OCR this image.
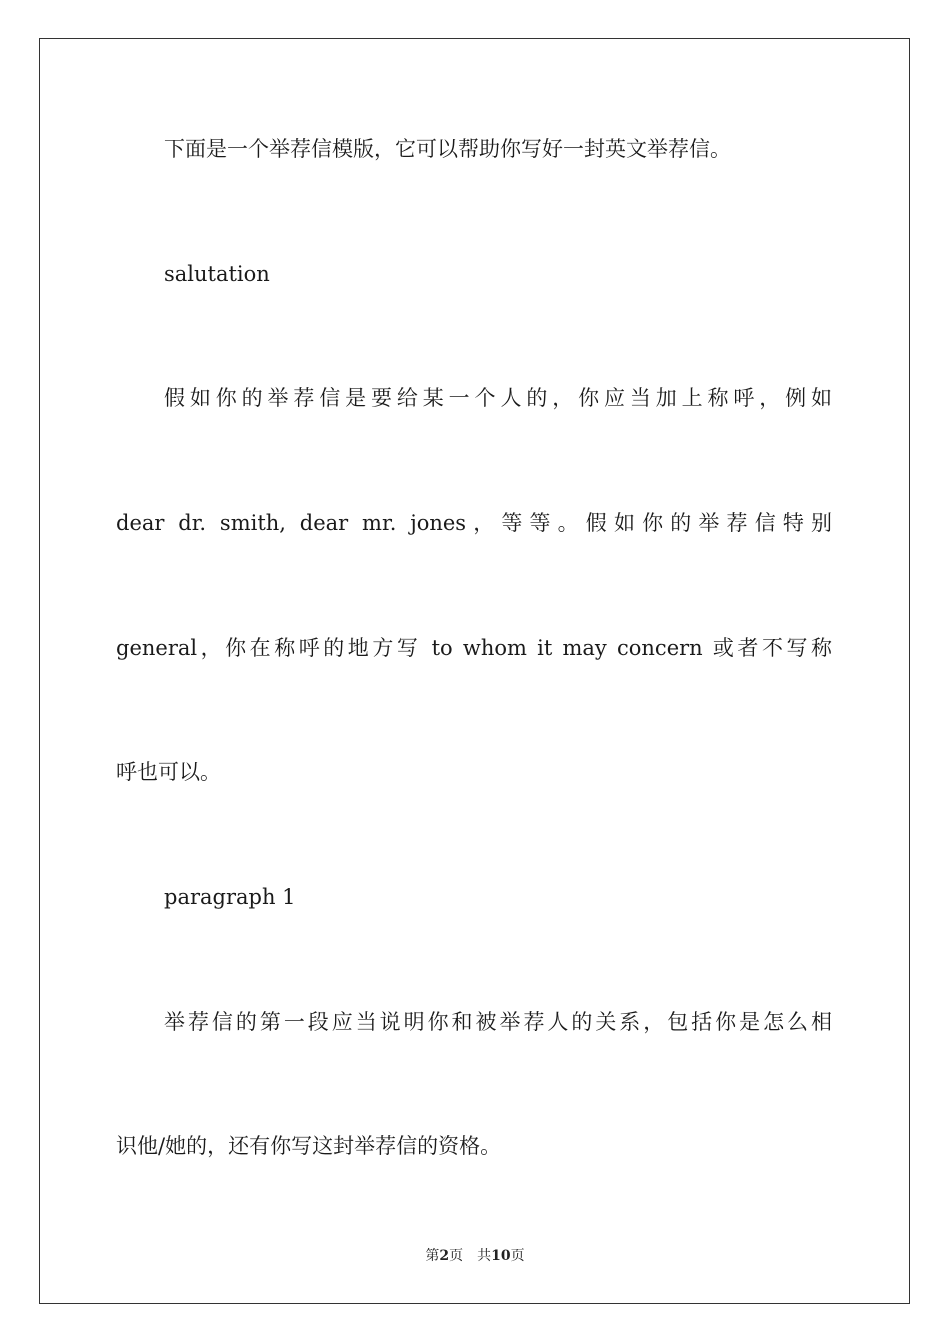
下面是一个举荐信模版，它可以帮助你写好一封英文举荐信。
salutation
假如你的举荐信是要给某一个人的，你应当加上称呼，例如
dear dr. smith, dear mr. jones，等等。假如你的举荐信特别
general，你在称呼的地方写 to whom it may concern 或者不写称
呼也可以。
paragraph 1
举荐信的第一段应当说明你和被举荐人的关系，包括你是怎么相
识他/她的，还有你写这封举荐信的资格。
第2页 共10页
